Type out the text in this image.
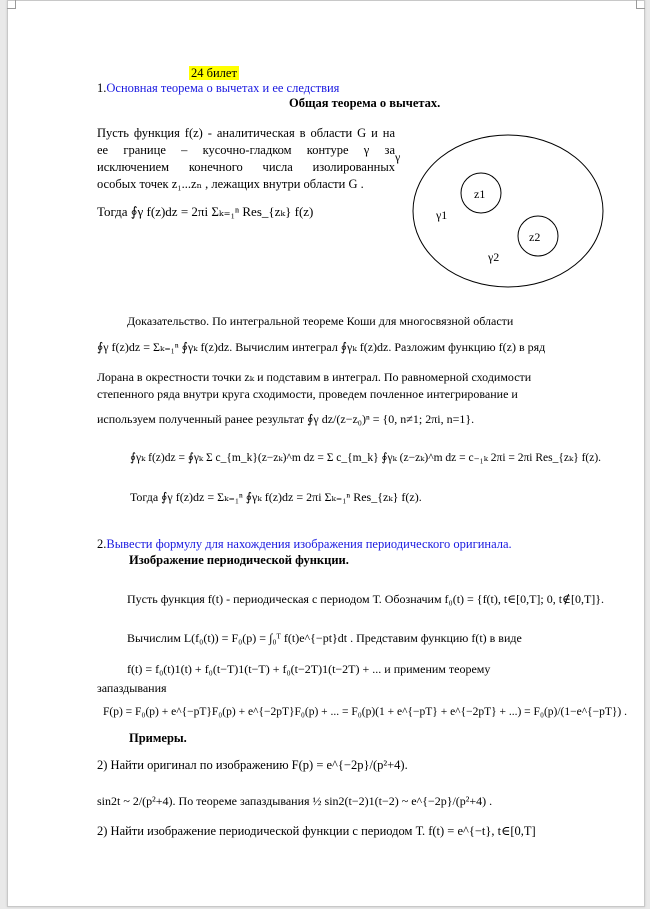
24 билет
1.Основная теорема о вычетах и ее следствия
Общая теорема о вычетах.
Пусть функция f(z) - аналитическая в области G и на
ее границе – кусочно-гладком контуре γ за
исключением конечного числа изолированных
особых точек z₁...zₙ , лежащих внутри области G .
Тогда ∮γ f(z)dz = 2πi Σₖ₌₁ⁿ Res_{zₖ} f(z)
γ
z1
z2
γ1
γ2
Доказательство. По интегральной теореме Коши для многосвязной области
∮γ f(z)dz = Σₖ₌₁ⁿ ∮γₖ f(z)dz. Вычислим интеграл ∮γₖ f(z)dz. Разложим функцию f(z) в ряд
Лорана в окрестности точки zₖ и подставим в интеграл. По равномерной сходимости
степенного ряда внутри круга сходимости, проведем почленное интегрирование и
используем полученный ранее результат ∮γ dz/(z−z₀)ⁿ = {0, n≠1; 2πi, n=1}.
∮γₖ f(z)dz = ∮γₖ Σ c_{m_k}(z−zₖ)^m dz = Σ c_{m_k} ∮γₖ (z−zₖ)^m dz = c₋₁ₖ 2πi = 2πi Res_{zₖ} f(z).
Тогда ∮γ f(z)dz = Σₖ₌₁ⁿ ∮γₖ f(z)dz = 2πi Σₖ₌₁ⁿ Res_{zₖ} f(z).
2.Вывести формулу для нахождения изображения периодического оригинала.
Изображение периодической функции.
Пусть функция f(t) - периодическая с периодом Т. Обозначим f₀(t) = {f(t), t∈[0,T]; 0, t∉[0,T]}.
Вычислим L(f₀(t)) = F₀(p) = ∫₀ᵀ f(t)e^{−pt}dt . Представим функцию f(t) в виде
f(t) = f₀(t)1(t) + f₀(t−T)1(t−T) + f₀(t−2T)1(t−2T) + ... и применим теорему
запаздывания
F(p) = F₀(p) + e^{−pT}F₀(p) + e^{−2pT}F₀(p) + ... = F₀(p)(1 + e^{−pT} + e^{−2pT} + ...) = F₀(p)/(1−e^{−pT}) .
Примеры.
2) Найти оригинал по изображению F(p) = e^{−2p}/(p²+4).
sin2t ~ 2/(p²+4). По теореме запаздывания ½ sin2(t−2)1(t−2) ~ e^{−2p}/(p²+4) .
2) Найти изображение периодической функции с периодом Т. f(t) = e^{−t}, t∈[0,T]
